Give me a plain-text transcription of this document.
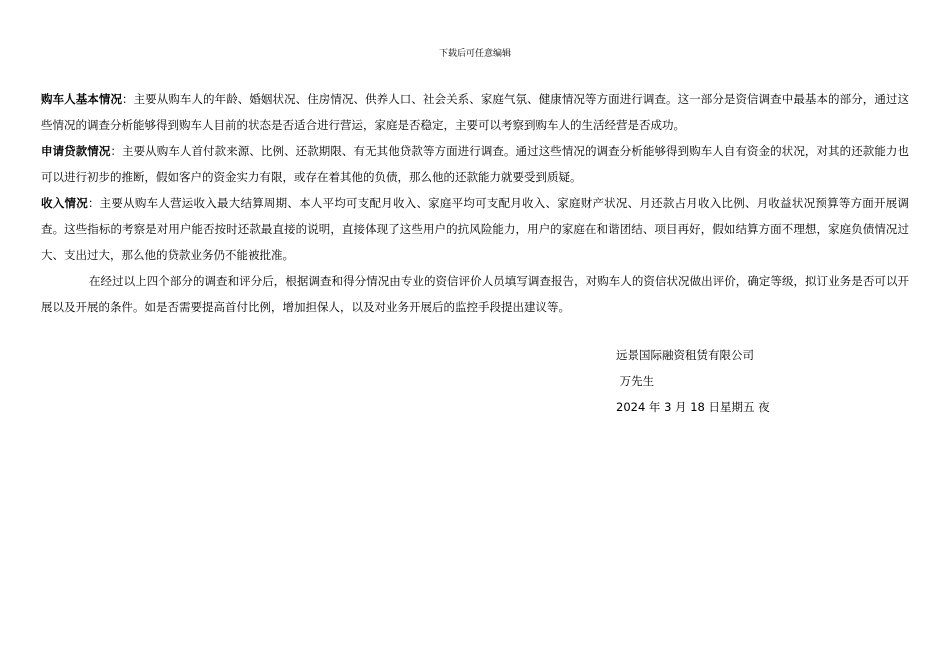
下载后可任意编辑

购车人基本情况：主要从购车人的年龄、婚姻状况、住房情况、供养人口、社会关系、家庭气氛、健康情况等方面进行调查。这一部分是资信调查中最基本的部分，通过这些情况的调查分析能够得到购车人目前的状态是否适合进行营运，家庭是否稳定，主要可以考察到购车人的生活经营是否成功。

申请贷款情况：主要从购车人首付款来源、比例、还款期限、有无其他贷款等方面进行调查。通过这些情况的调查分析能够得到购车人自有资金的状况，对其的还款能力也可以进行初步的推断，假如客户的资金实力有限，或存在着其他的负债，那么他的还款能力就要受到质疑。

收入情况：主要从购车人营运收入最大结算周期、本人平均可支配月收入、家庭平均可支配月收入、家庭财产状况、月还款占月收入比例、月收益状况预算等方面开展调查。这些指标的考察是对用户能否按时还款最直接的说明，直接体现了这些用户的抗风险能力，用户的家庭在和谐团结、项目再好，假如结算方面不理想，家庭负债情况过大、支出过大，那么他的贷款业务仍不能被批准。

在经过以上四个部分的调查和评分后，根据调查和得分情况由专业的资信评价人员填写调查报告，对购车人的资信状况做出评价，确定等级，拟订业务是否可以开展以及开展的条件。如是否需要提高首付比例，增加担保人，以及对业务开展后的监控手段提出建议等。

远景国际融资租赁有限公司
万先生
2024 年 3 月 18 日星期五 夜
